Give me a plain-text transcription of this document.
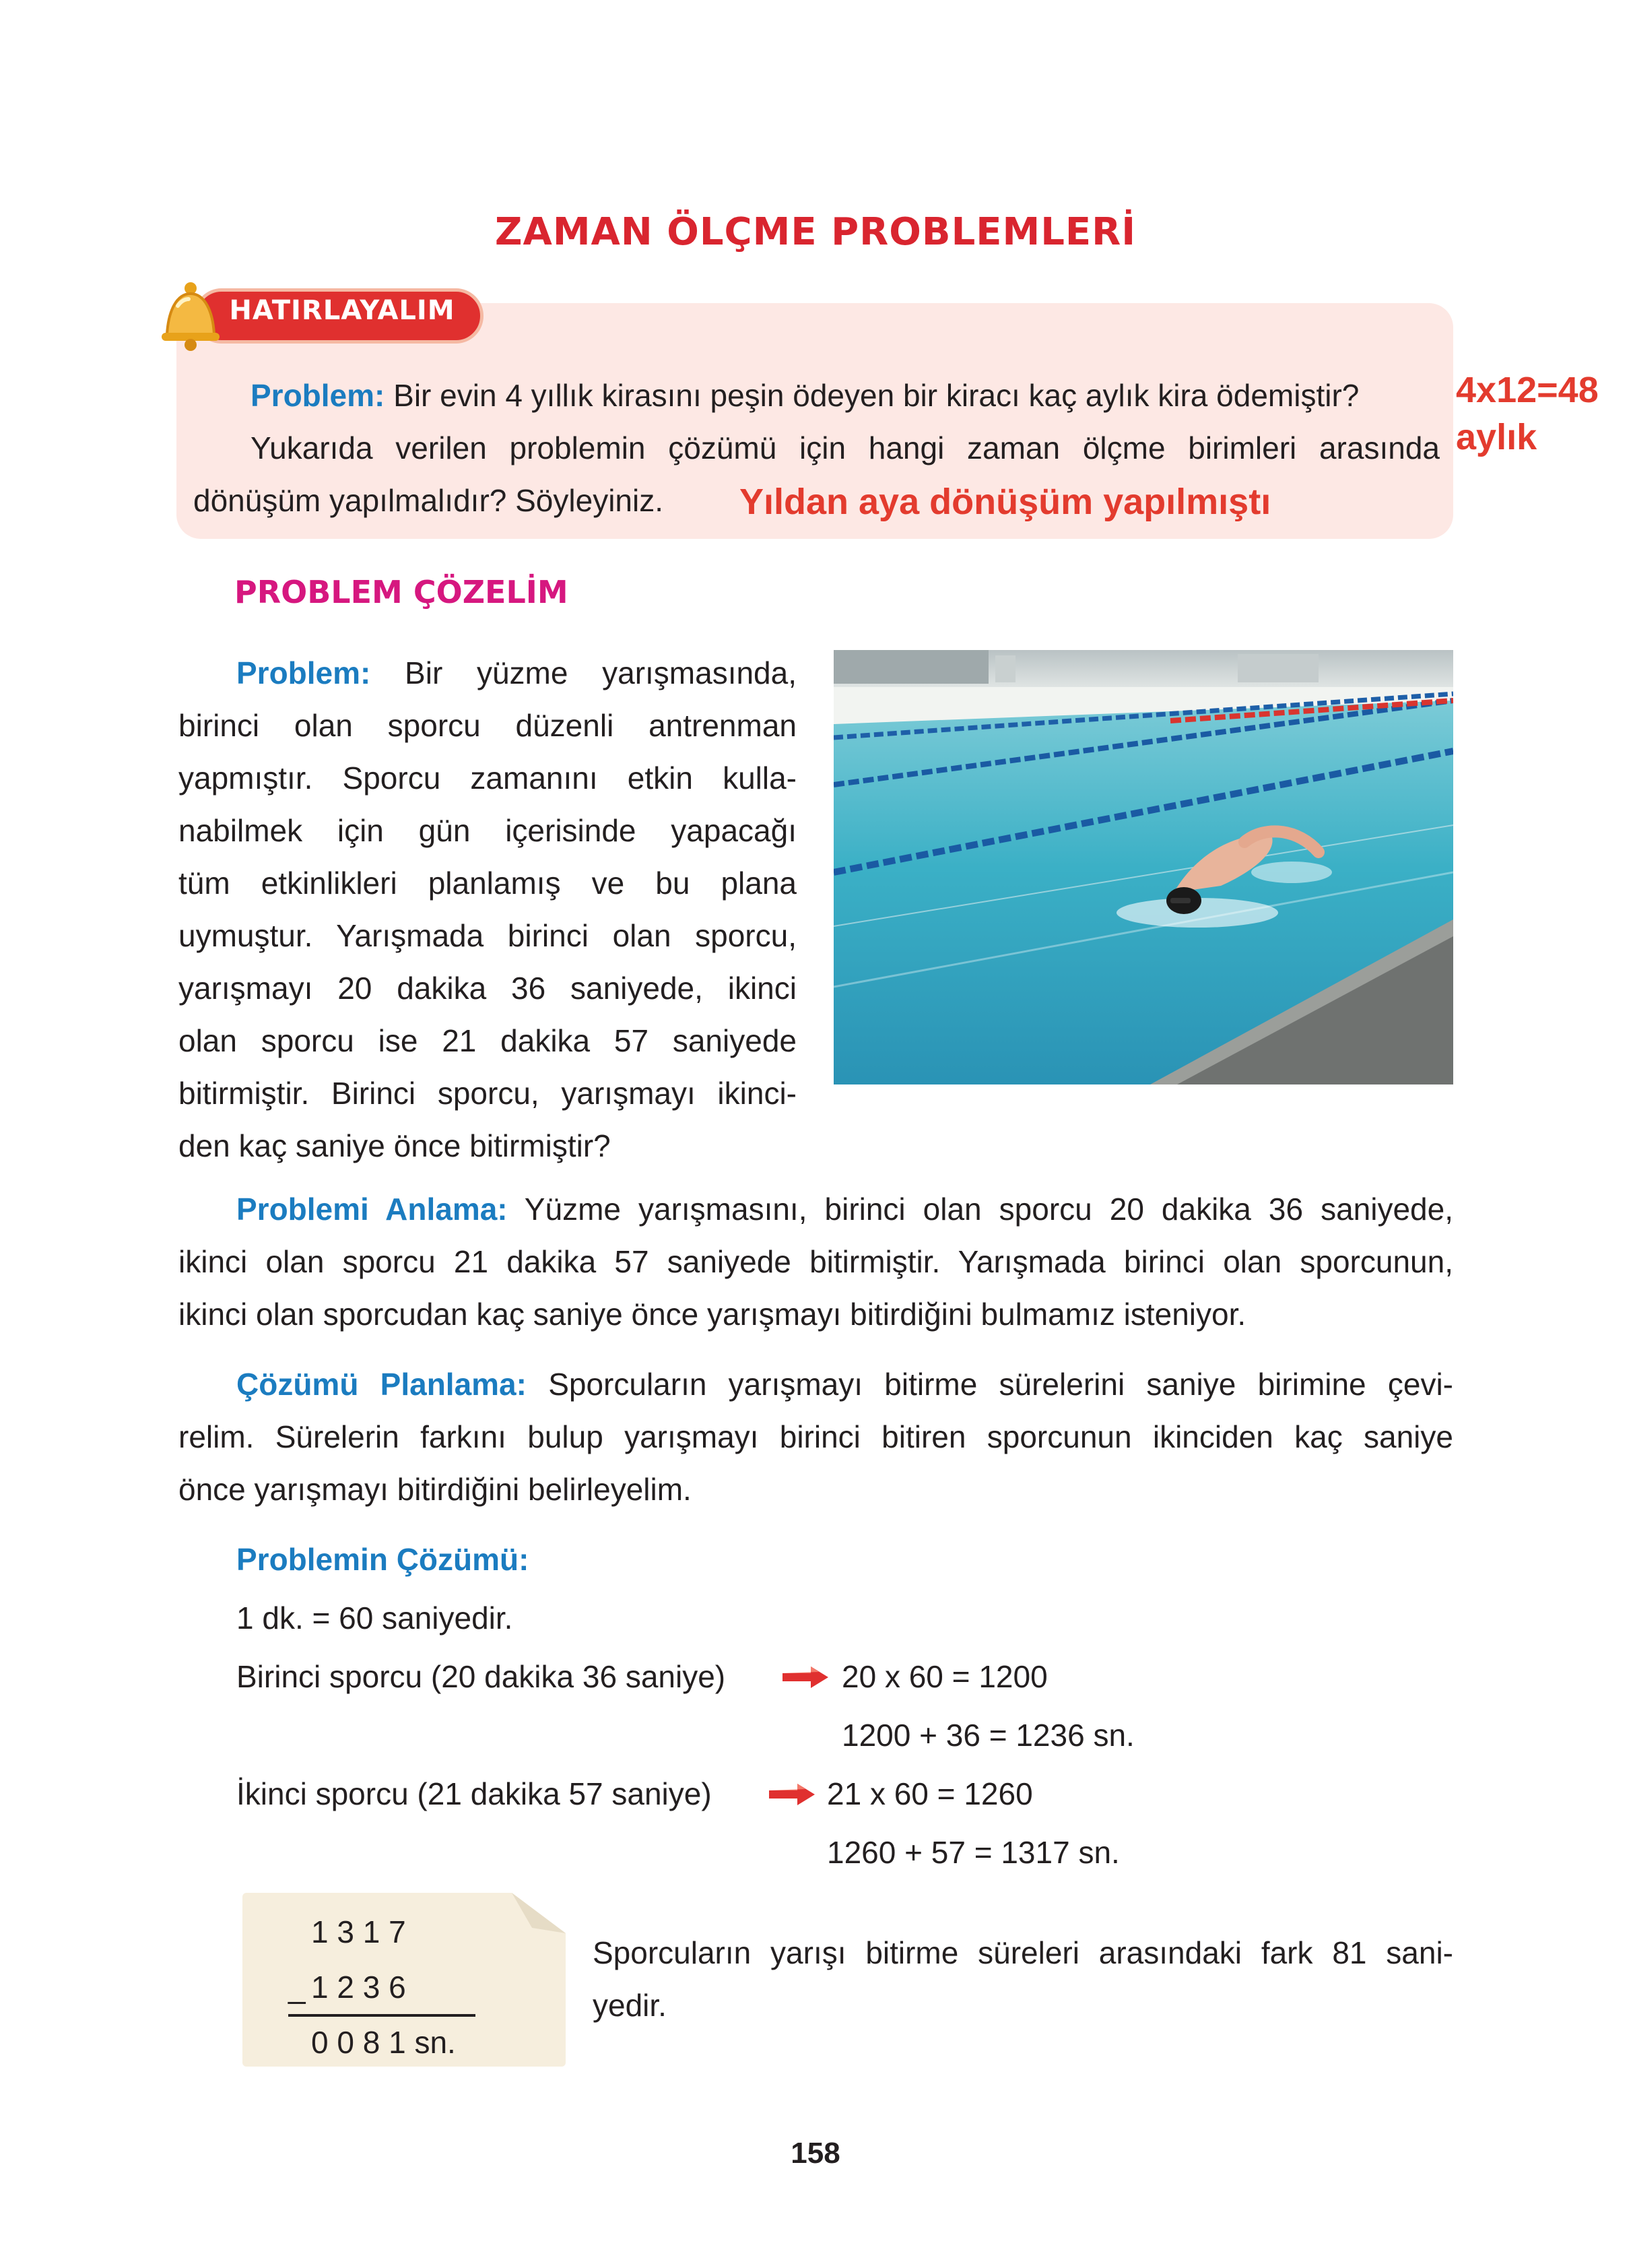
ZAMAN ÖLÇME PROBLEMLERİ
HATIRLAYALIM
Problem: Bir evin 4 yıllık kirasını peşin ödeyen bir kiracı kaç aylık kira ödemiştir?
Yukarıda verilen problemin çözümü için hangi zaman ölçme birimleri arasında
dönüşüm yapılmalıdır? Söyleyiniz. Yıldan aya dönüşüm yapılmıştı
4x12=48
aylık
PROBLEM ÇÖZELİM
Problem: Bir yüzme yarışmasında,
birinci olan sporcu düzenli antrenman
yapmıştır. Sporcu zamanını etkin kulla-
nabilmek için gün içerisinde yapacağı
tüm etkinlikleri planlamış ve bu plana
uymuştur. Yarışmada birinci olan sporcu,
yarışmayı 20 dakika 36 saniyede, ikinci
olan sporcu ise 21 dakika 57 saniyede
bitirmiştir. Birinci sporcu, yarışmayı ikinci-
den kaç saniye önce bitirmiştir?
Problemi Anlama: Yüzme yarışmasını, birinci olan sporcu 20 dakika 36 saniyede,
ikinci olan sporcu 21 dakika 57 saniyede bitirmiştir. Yarışmada birinci olan sporcunun,
ikinci olan sporcudan kaç saniye önce yarışmayı bitirdiğini bulmamız isteniyor.
Çözümü Planlama: Sporcuların yarışmayı bitirme sürelerini saniye birimine çevi-
relim. Sürelerin farkını bulup yarışmayı birinci bitiren sporcunun ikinciden kaç saniye
önce yarışmayı bitirdiğini belirleyelim.
Problemin Çözümü:
1 dk. = 60 saniyedir.
Birinci sporcu (20 dakika 36 saniye)	20 x 60 = 1200
1200 + 36 = 1236 sn.
İkinci sporcu (21 dakika 57 saniye)	21 x 60 = 1260
1260 + 57 = 1317 sn.
1 3 1 7
_ 1 2 3 6
0 0 8 1 sn.
Sporcuların yarışı bitirme süreleri arasındaki fark 81 sani-
yedir.
158
